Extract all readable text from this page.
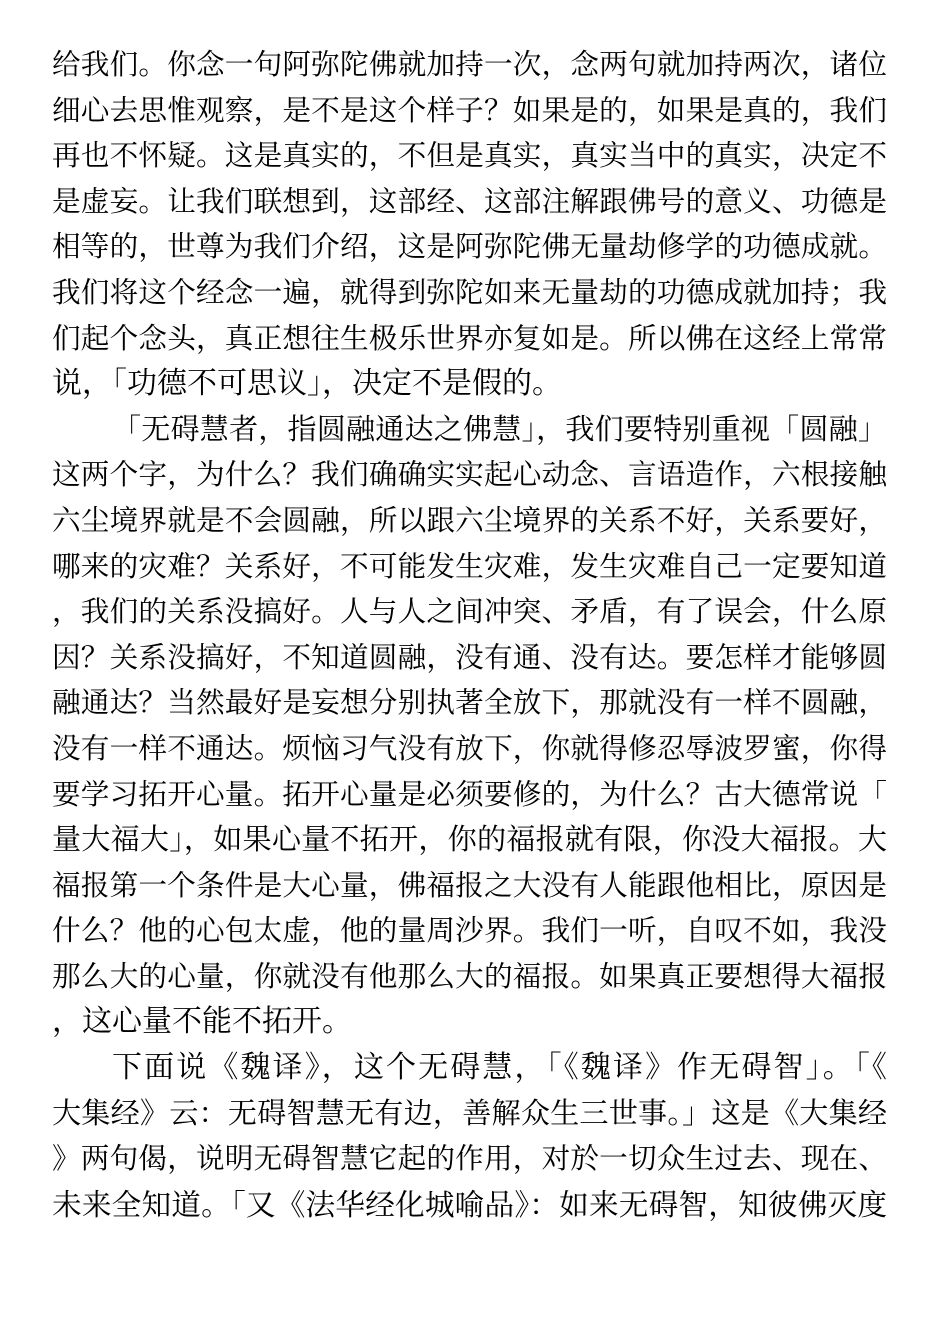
给我们。你念一句阿弥陀佛就加持一次，念两句就加持两次，诸位
细心去思惟观察，是不是这个样子？如果是的，如果是真的，我们
再也不怀疑。这是真实的，不但是真实，真实当中的真实，决定不
是虚妄。让我们联想到，这部经、这部注解跟佛号的意义、功德是
相等的，世尊为我们介绍，这是阿弥陀佛无量劫修学的功德成就。
我们将这个经念一遍，就得到弥陀如来无量劫的功德成就加持；我
们起个念头，真正想往生极乐世界亦复如是。所以佛在这经上常常
说，「功德不可思议」，决定不是假的。
「无碍慧者，指圆融通达之佛慧」，我们要特别重视「圆融」
这两个字，为什么？我们确确实实起心动念、言语造作，六根接触
六尘境界就是不会圆融，所以跟六尘境界的关系不好，关系要好，
哪来的灾难？关系好，不可能发生灾难，发生灾难自己一定要知道
，我们的关系没搞好。人与人之间冲突、矛盾，有了误会，什么原
因？关系没搞好，不知道圆融，没有通、没有达。要怎样才能够圆
融通达？当然最好是妄想分别执著全放下，那就没有一样不圆融，
没有一样不通达。烦恼习气没有放下，你就得修忍辱波罗蜜，你得
要学习拓开心量。拓开心量是必须要修的，为什么？古大德常说「
量大福大」，如果心量不拓开，你的福报就有限，你没大福报。大
福报第一个条件是大心量，佛福报之大没有人能跟他相比，原因是
什么？他的心包太虚，他的量周沙界。我们一听，自叹不如，我没
那么大的心量，你就没有他那么大的福报。如果真正要想得大福报
，这心量不能不拓开。
下面说《魏译》，这个无碍慧，「《魏译》作无碍智」。「《
大集经》云：无碍智慧无有边，善解众生三世事。」这是《大集经
》两句偈，说明无碍智慧它起的作用，对於一切众生过去、现在、
未来全知道。「又《法华经化城喻品》：如来无碍智，知彼佛灭度
